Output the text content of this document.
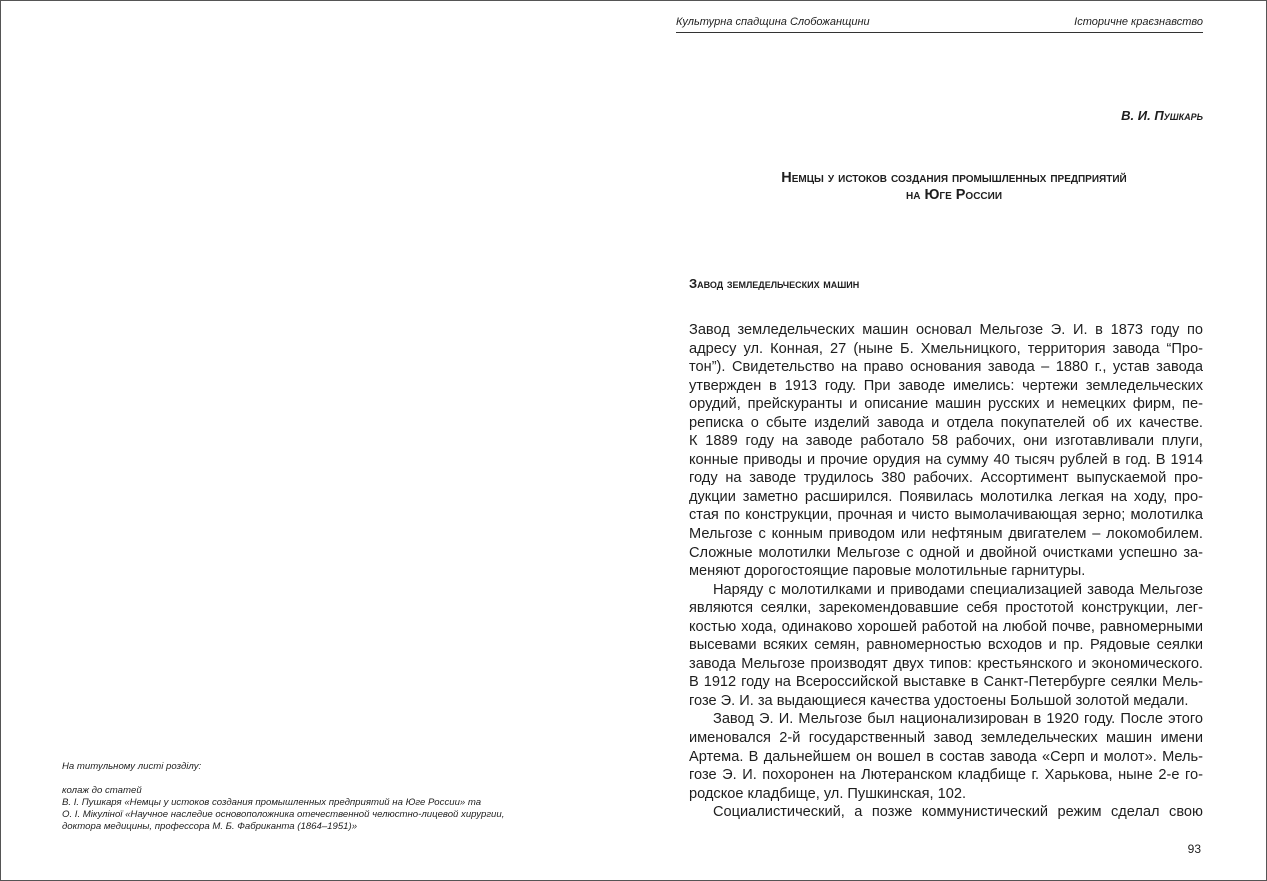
Культурна спадщина Слобожанщини	Історичне краєзнавство
В. И. Пушкарь
Немцы у истоков создания промышленных предприятий
на Юге России
Завод земледельческих машин
Завод земледельческих машин основал Мельгозе Э. И. в 1873 году по
адресу ул. Конная, 27 (ныне Б. Хмельницкого, территория завода “Про-
тон”). Свидетельство на право основания завода – 1880 г., устав завода
утвержден в 1913 году. При заводе имелись: чертежи земледельческих
орудий, прейскуранты и описание машин русских и немецких фирм, пе-
реписка о сбыте изделий завода и отдела покупателей об их качестве.
К 1889 году на заводе работало 58 рабочих, они изготавливали плуги,
конные приводы и прочие орудия на сумму 40 тысяч рублей в год. В 1914
году на заводе трудилось 380 рабочих. Ассортимент выпускаемой про-
дукции заметно расширился. Появилась молотилка легкая на ходу, про-
стая по конструкции, прочная и чисто вымолачивающая зерно; молотилка
Мельгозе с конным приводом или нефтяным двигателем – локомобилем.
Сложные молотилки Мельгозе с одной и двойной очистками успешно за-
меняют дорогостоящие паровые молотильные гарнитуры.
Наряду с молотилками и приводами специализацией завода Мельгозе
являются сеялки, зарекомендовавшие себя простотой конструкции, лег-
костью хода, одинаково хорошей работой на любой почве, равномерными
высевами всяких семян, равномерностью всходов и пр. Рядовые сеялки
завода Мельгозе производят двух типов: крестьянского и экономического.
В 1912 году на Всероссийской выставке в Санкт-Петербурге сеялки Мель-
гозе Э. И. за выдающиеся качества удостоены Большой золотой медали.
Завод Э. И. Мельгозе был национализирован в 1920 году. После этого
именовался 2-й государственный завод земледельческих машин имени
Артема. В дальнейшем он вошел в состав завода «Серп и молот». Мель-
гозе Э. И. похоронен на Лютеранском кладбище г. Харькова, ныне 2-е го-
родское кладбище, ул. Пушкинская, 102.
Социалистический, а позже коммунистический режим сделал свою
На титульному листі розділу:
колаж до статей
В. І. Пушкаря «Немцы у истоков создания промышленных предприятий на Юге России» та
О. І. Мікуліної «Научное наследие основоположника отечественной челюстно-лицевой хирургии,
доктора медицины, профессора М. Б. Фабриканта (1864–1951)»
93
